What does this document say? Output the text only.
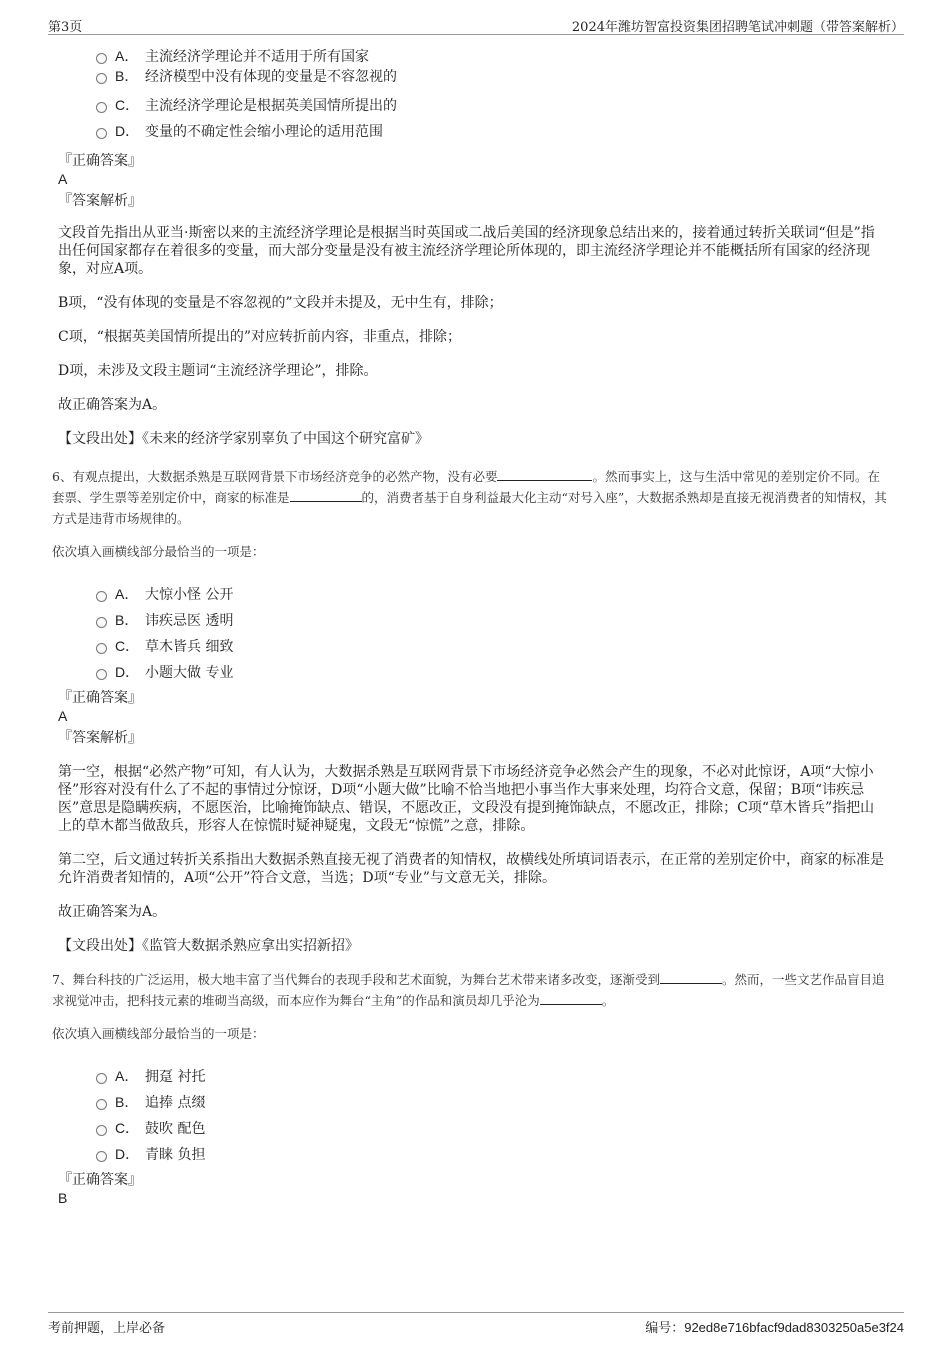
第3页	2024年潍坊智富投资集团招聘笔试冲刺题（带答案解析）
A． 主流经济学理论并不适用于所有国家
B． 经济模型中没有体现的变量是不容忽视的
C． 主流经济学理论是根据英美国情所提出的
D． 变量的不确定性会缩小理论的适用范围
『正确答案』
A
『答案解析』

文段首先指出从亚当·斯密以来的主流经济学理论是根据当时英国或二战后美国的经济现象总结出来的，接着通过转折关联词“但是”指出任何国家都存在着很多的变量，而大部分变量是没有被主流经济学理论所体现的，即主流经济学理论并不能概括所有国家的经济现象，对应A项。

B项，“没有体现的变量是不容忽视的”文段并未提及，无中生有，排除；

C项，“根据英美国情所提出的”对应转折前内容，非重点，排除；

D项，未涉及文段主题词“主流经济学理论”，排除。

故正确答案为A。

【文段出处】《未来的经济学家别辜负了中国这个研究富矿》

6、有观点提出，大数据杀熟是互联网背景下市场经济竞争的必然产物，没有必要	。然而事实上，这与生活中常见的差别定价不同。在套票、学生票等差别定价中，商家的标准是	的，消费者基于自身利益最大化主动“对号入座”，大数据杀熟却是直接无视消费者的知情权，其方式是违背市场规律的。

依次填入画横线部分最恰当的一项是：

A． 大惊小怪 公开
B． 讳疾忌医 透明
C． 草木皆兵 细致
D． 小题大做 专业
『正确答案』
A
『答案解析』

第一空，根据“必然产物”可知，有人认为，大数据杀熟是互联网背景下市场经济竞争必然会产生的现象，不必对此惊讶，A项“大惊小怪”形容对没有什么了不起的事情过分惊讶，D项“小题大做”比喻不恰当地把小事当作大事来处理，均符合文意，保留；B项“讳疾忌医”意思是隐瞒疾病，不愿医治，比喻掩饰缺点、错误，不愿改正，文段没有提到掩饰缺点，不愿改正，排除；C项“草木皆兵”指把山上的草木都当做敌兵，形容人在惊慌时疑神疑鬼，文段无“惊慌”之意，排除。

第二空，后文通过转折关系指出大数据杀熟直接无视了消费者的知情权，故横线处所填词语表示，在正常的差别定价中，商家的标准是允许消费者知情的，A项“公开”符合文意，当选；D项“专业”与文意无关，排除。

故正确答案为A。

【文段出处】《监管大数据杀熟应拿出实招新招》

7、舞台科技的广泛运用，极大地丰富了当代舞台的表现手段和艺术面貌，为舞台艺术带来诸多改变，逐渐受到	。然而，一些文艺作品盲目追求视觉冲击，把科技元素的堆砌当高级，而本应作为舞台“主角”的作品和演员却几乎沦为	。

依次填入画横线部分最恰当的一项是：

A． 拥趸 衬托
B． 追捧 点缀
C． 鼓吹 配色
D． 青睐 负担
『正确答案』
B
考前押题，上岸必备	编号：92ed8e716bfacf9dad8303250a5e3f24
